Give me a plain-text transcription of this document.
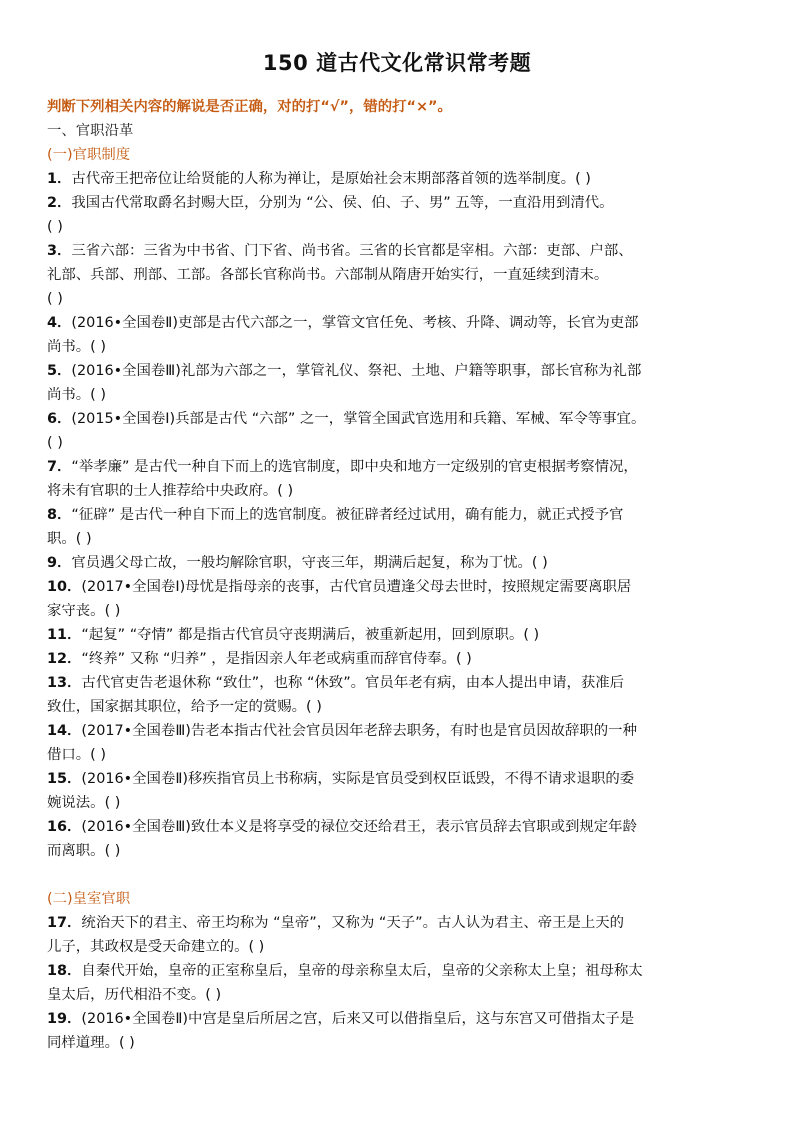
150 道古代文化常识常考题
判断下列相关内容的解说是否正确，对的打“√”，错的打“×”。
一、官职沿革
(一)官职制度
1．古代帝王把帝位让给贤能的人称为禅让，是原始社会末期部落首领的选举制度。( )
2．我国古代常取爵名封赐大臣，分别为 “公、侯、伯、子、男” 五等，一直沿用到清代。
( )
3．三省六部：三省为中书省、门下省、尚书省。三省的长官都是宰相。六部：吏部、户部、
礼部、兵部、刑部、工部。各部长官称尚书。六部制从隋唐开始实行，一直延续到清末。
( )
4．(2016•全国卷Ⅱ)吏部是古代六部之一，掌管文官任免、考核、升降、调动等，长官为吏部
尚书。( )
5．(2016•全国卷Ⅲ)礼部为六部之一，掌管礼仪、祭祀、土地、户籍等职事，部长官称为礼部
尚书。( )
6．(2015•全国卷Ⅰ)兵部是古代 “六部” 之一，掌管全国武官选用和兵籍、军械、军令等事宜。
( )
7．“举孝廉” 是古代一种自下而上的选官制度，即中央和地方一定级别的官吏根据考察情况，
将未有官职的士人推荐给中央政府。( )
8．“征辟” 是古代一种自下而上的选官制度。被征辟者经过试用，确有能力，就正式授予官
职。( )
9．官员遇父母亡故，一般均解除官职，守丧三年，期满后起复，称为丁忧。( )
10．(2017•全国卷Ⅰ)母忧是指母亲的丧事，古代官员遭逢父母去世时，按照规定需要离职居
家守丧。( )
11．“起复” “夺情” 都是指古代官员守丧期满后，被重新起用，回到原职。( )
12．“终养” 又称 “归养” ，是指因亲人年老或病重而辞官侍奉。( )
13．古代官吏告老退休称 “致仕”，也称 “休致”。官员年老有病，由本人提出申请，获准后
致仕，国家据其职位，给予一定的赏赐。( )
14．(2017•全国卷Ⅲ)告老本指古代社会官员因年老辞去职务，有时也是官员因故辞职的一种
借口。( )
15．(2016•全国卷Ⅱ)移疾指官员上书称病，实际是官员受到权臣诋毁，不得不请求退职的委
婉说法。( )
16．(2016•全国卷Ⅲ)致仕本义是将享受的禄位交还给君王，表示官员辞去官职或到规定年龄
而离职。( )
(二)皇室官职
17．统治天下的君主、帝王均称为 “皇帝”，又称为 “天子”。古人认为君主、帝王是上天的
儿子，其政权是受天命建立的。( )
18．自秦代开始，皇帝的正室称皇后，皇帝的母亲称皇太后，皇帝的父亲称太上皇；祖母称太
皇太后，历代相沿不变。( )
19．(2016•全国卷Ⅱ)中宫是皇后所居之宫，后来又可以借指皇后，这与东宫又可借指太子是
同样道理。( )
